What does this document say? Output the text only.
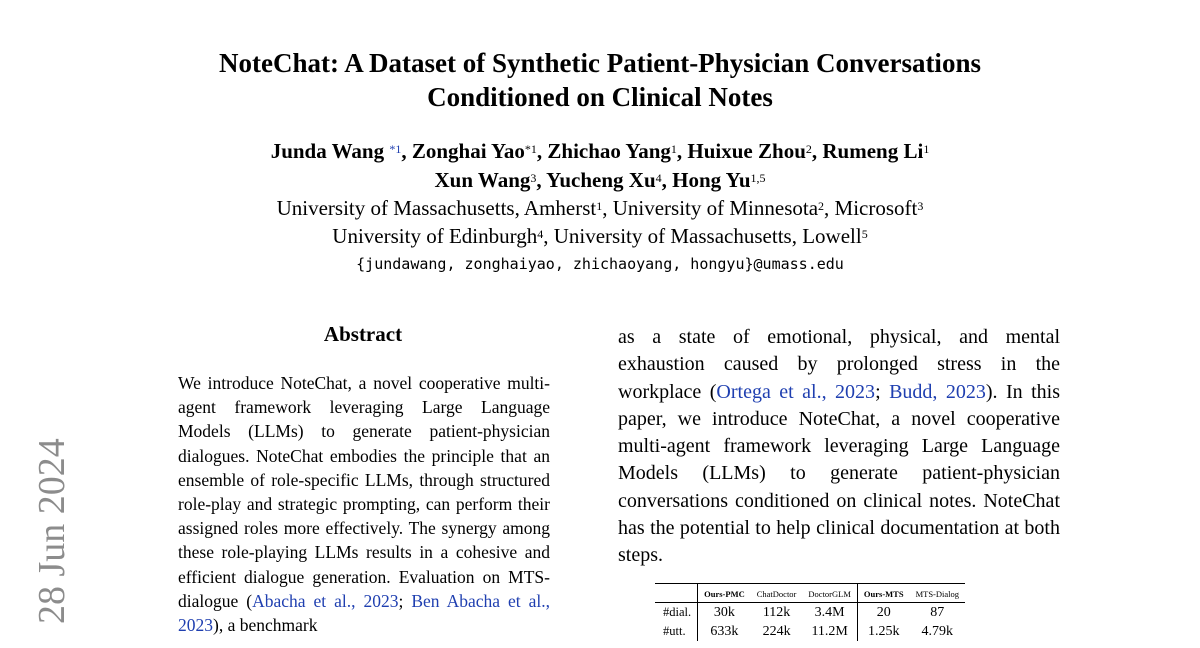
28 Jun 2024
NoteChat: A Dataset of Synthetic Patient-Physician Conversations
Conditioned on Clinical Notes
Junda Wang $^{*1}$, Zonghai Yao$^{*1}$, Zhichao Yang$^1$, Huixue Zhou$^2$, Rumeng Li$^1$
Xun Wang$^3$, Yucheng Xu$^4$, Hong Yu$^{1,5}$
University of Massachusetts, Amherst$^1$, University of Minnesota$^2$, Microsoft$^3$
University of Edinburgh$^4$, University of Massachusetts, Lowell$^5$
{jundawang, zonghaiyao, zhichaoyang, hongyu}@umass.edu
Abstract

We introduce NoteChat, a novel cooperative multi-agent framework leveraging Large Language Models (LLMs) to generate patient-physician dialogues. NoteChat embodies the principle that an ensemble of role-specific LLMs, through structured role-play and strategic prompting, can perform their assigned roles more effectively. The synergy among these role-playing LLMs results in a cohesive and efficient dialogue generation. Evaluation on MTS-dialogue (Abacha et al., 2023; Ben Abacha et al., 2023), a benchmark

as a state of emotional, physical, and mental exhaustion caused by prolonged stress in the workplace (Ortega et al., 2023; Budd, 2023). In this paper, we introduce NoteChat, a novel cooperative multi-agent framework leveraging Large Language Models (LLMs) to generate patient-physician conversations conditioned on clinical notes. NoteChat has the potential to help clinical documentation at both steps.

	Ours-PMC	ChatDoctor	DoctorGLM	Ours-MTS	MTS-Dialog
#dial.	30k	112k	3.4M	20	87
#utt.	633k	224k	11.2M	1.25k	4.79k
